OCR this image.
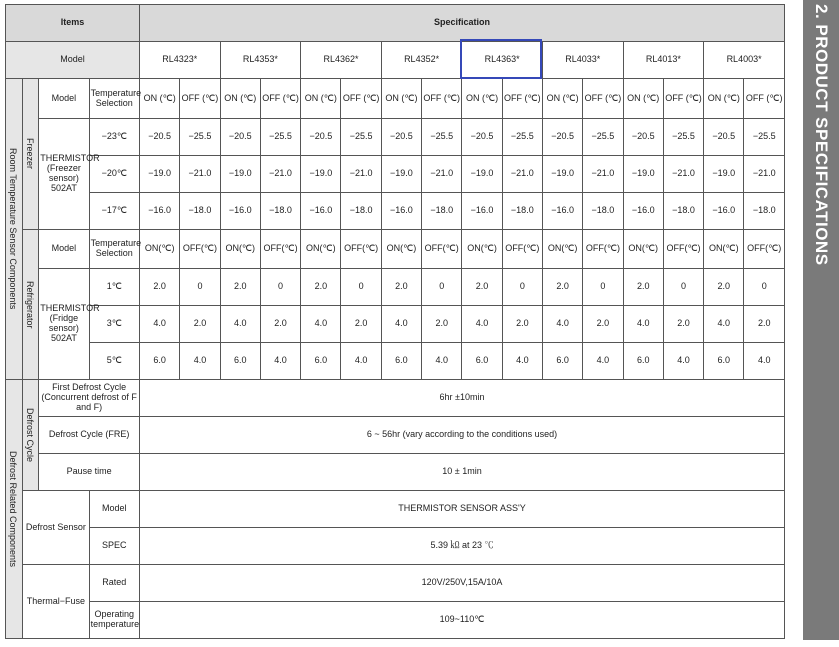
2. PRODUCT SPECIFICATIONS
Items				Specification															
Model				RL4323*		RL4353*		RL4362*		RL4352*		RL4363*		RL4033*		RL4013*		RL4003*	

Room Temperature Sensor Components	Freezer	Model	Temperature Selection	ON (℃)	OFF (℃)	ON (℃)	OFF (℃)	ON (℃)	OFF (℃)	ON (℃)	OFF (℃)	ON (℃)	OFF (℃)	ON (℃)	OFF (℃)	ON (℃)	OFF (℃)	ON (℃)	OFF (℃)
		THERMISTOR (Freezer sensor) 502AT	−23℃	−20.5	−25.5	−20.5	−25.5	−20.5	−25.5	−20.5	−25.5	−20.5	−25.5	−20.5	−25.5	−20.5	−25.5	−20.5	−25.5
			−20℃	−19.0	−21.0	−19.0	−21.0	−19.0	−21.0	−19.0	−21.0	−19.0	−21.0	−19.0	−21.0	−19.0	−21.0	−19.0	−21.0
			−17℃	−16.0	−18.0	−16.0	−18.0	−16.0	−18.0	−16.0	−18.0	−16.0	−18.0	−16.0	−18.0	−16.0	−18.0	−16.0	−18.0

	Refrigerator	Model	Temperature Selection	ON(℃)	OFF(℃)	ON(℃)	OFF(℃)	ON(℃)	OFF(℃)	ON(℃)	OFF(℃)	ON(℃)	OFF(℃)	ON(℃)	OFF(℃)	ON(℃)	OFF(℃)	ON(℃)	OFF(℃)
		THERMISTOR (Fridge sensor) 502AT	1℃	2.0	0	2.0	0	2.0	0	2.0	0	2.0	0	2.0	0	2.0	0	2.0	0
			3℃	4.0	2.0	4.0	2.0	4.0	2.0	4.0	2.0	4.0	2.0	4.0	2.0	4.0	2.0	4.0	2.0
			5℃	6.0	4.0	6.0	4.0	6.0	4.0	6.0	4.0	6.0	4.0	6.0	4.0	6.0	4.0	6.0	4.0

Defrost Related Components	Defrost Cycle	First Defrost Cycle (Concurrent defrost of F and F)		6hr ±10min															
		Defrost Cycle (FRE)		6 ~ 56hr (vary according to the conditions used)															
		Pause time		10 ± 1min															
	Defrost Sensor		Model	THERMISTOR SENSOR ASS'Y															
			SPEC	5.39 ㏀ at 23 ℃															
	Thermal−Fuse		Rated	120V/250V,15A/10A															
			Operating temperature	109~110℃															
